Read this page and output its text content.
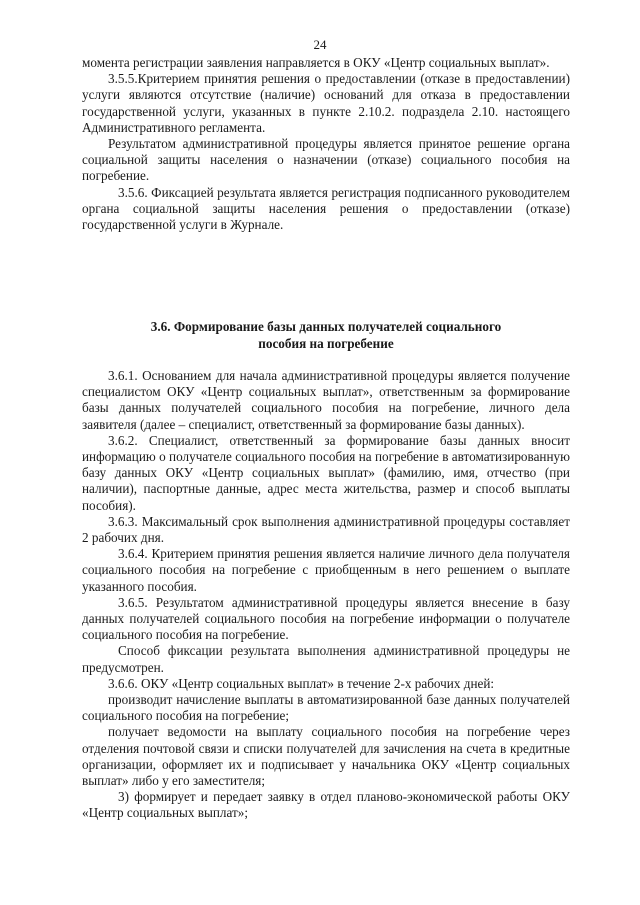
24

момента регистрации заявления направляется в ОКУ «Центр социальных выплат».

3.5.5.Критерием принятия решения о предоставлении (отказе в предоставлении) услуги являются отсутствие (наличие) оснований для отказа в предоставлении государственной услуги, указанных в пункте 2.10.2. подраздела 2.10. настоящего Административного регламента.

Результатом административной процедуры является принятое решение органа социальной защиты населения о назначении (отказе) социального пособия на погребение.

3.5.6. Фиксацией результата является регистрация подписанного руководителем органа социальной защиты населения решения о предоставлении (отказе) государственной услуги в Журнале.

3.6. Формирование базы данных получателей социального
пособия на погребение

3.6.1. Основанием для начала административной процедуры является получение специалистом ОКУ «Центр социальных выплат», ответственным за формирование базы данных получателей социального пособия на погребение, личного дела заявителя (далее – специалист, ответственный за формирование базы данных).

3.6.2. Специалист, ответственный за формирование базы данных вносит информацию о получателе социального пособия на погребение в автоматизированную базу данных ОКУ «Центр социальных выплат» (фамилию, имя, отчество (при наличии), паспортные данные, адрес места жительства, размер и способ выплаты пособия).

3.6.3. Максимальный срок выполнения административной процедуры составляет 2 рабочих дня.

3.6.4. Критерием принятия решения является наличие личного дела получателя социального пособия на погребение с приобщенным в него решением о выплате указанного пособия.

3.6.5. Результатом административной процедуры является внесение в базу данных получателей социального пособия на погребение информации о получателе социального пособия на погребение.

Способ фиксации результата выполнения административной процедуры не предусмотрен.

3.6.6. ОКУ «Центр социальных выплат» в течение 2-х рабочих дней:

производит начисление выплаты в автоматизированной базе данных получателей социального пособия на погребение;

получает ведомости на выплату социального пособия на погребение через отделения почтовой связи и списки получателей для зачисления на счета в кредитные организации, оформляет их и подписывает у начальника ОКУ «Центр социальных выплат» либо у его заместителя;

3) формирует и передает заявку в отдел планово-экономической работы ОКУ «Центр социальных выплат»;
